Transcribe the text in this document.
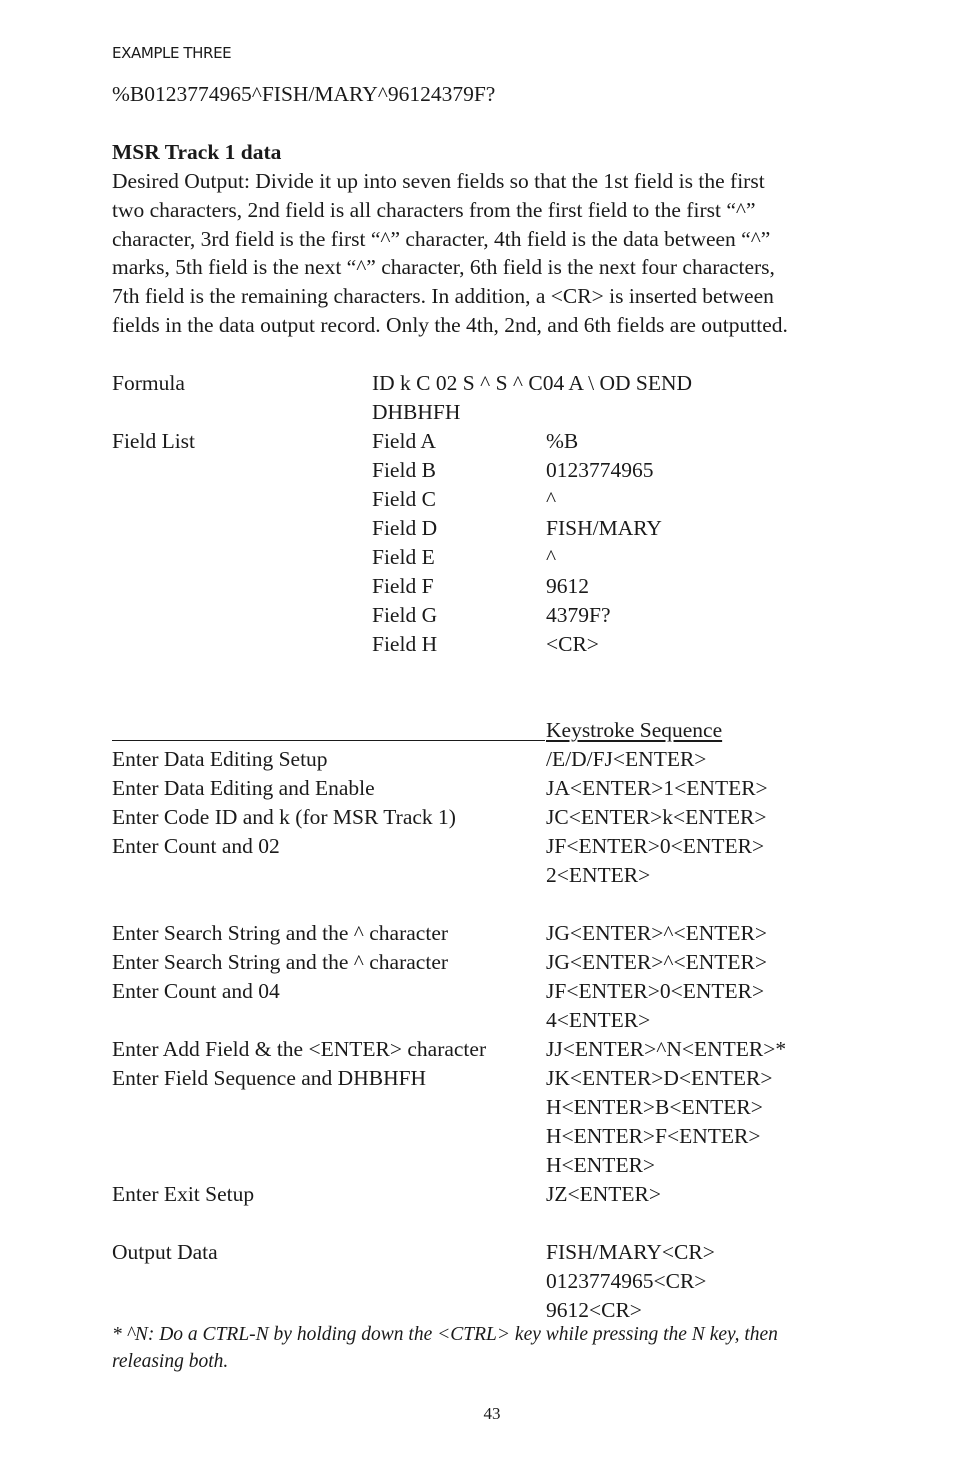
EXAMPLE THREE
%B0123774965^FISH/MARY^96124379F?
MSR Track 1 data
Desired Output: Divide it up into seven fields so that the 1st field is the first
two characters, 2nd field is all characters from the first field to the first “^”
character, 3rd field is the first “^” character, 4th field is the data between “^”
marks, 5th field is the next “^” character, 6th field is the next four characters,
7th field is the remaining characters. In addition, a <CR> is inserted between
fields in the data output record. Only the 4th, 2nd, and 6th fields are outputted.
Formula	ID k C 02 S ^ S ^ C04 A \ OD SEND
DHBHFH
Field List	Field A	%B
Field B	0123774965
Field C	^
Field D	FISH/MARY
Field E	^
Field F	9612
Field G	4379F?
Field H	<CR>
Keystroke Sequence
Enter Data Editing Setup	/E/D/FJ<ENTER>
Enter Data Editing and Enable	JA<ENTER>1<ENTER>
Enter Code ID and k (for MSR Track 1)	JC<ENTER>k<ENTER>
Enter Count and 02	JF<ENTER>0<ENTER>
2<ENTER>
Enter Search String and the ^ character	JG<ENTER>^<ENTER>
Enter Search String and the ^ character	JG<ENTER>^<ENTER>
Enter Count and 04	JF<ENTER>0<ENTER>
4<ENTER>
Enter Add Field & the <ENTER> character	JJ<ENTER>^N<ENTER>*
Enter Field Sequence and DHBHFH	JK<ENTER>D<ENTER>
H<ENTER>B<ENTER>
H<ENTER>F<ENTER>
H<ENTER>
Enter Exit Setup	JZ<ENTER>
Output Data	FISH/MARY<CR>
0123774965<CR>
9612<CR>
* ^N: Do a CTRL-N by holding down the <CTRL> key while pressing the N key, then
releasing both.
43
